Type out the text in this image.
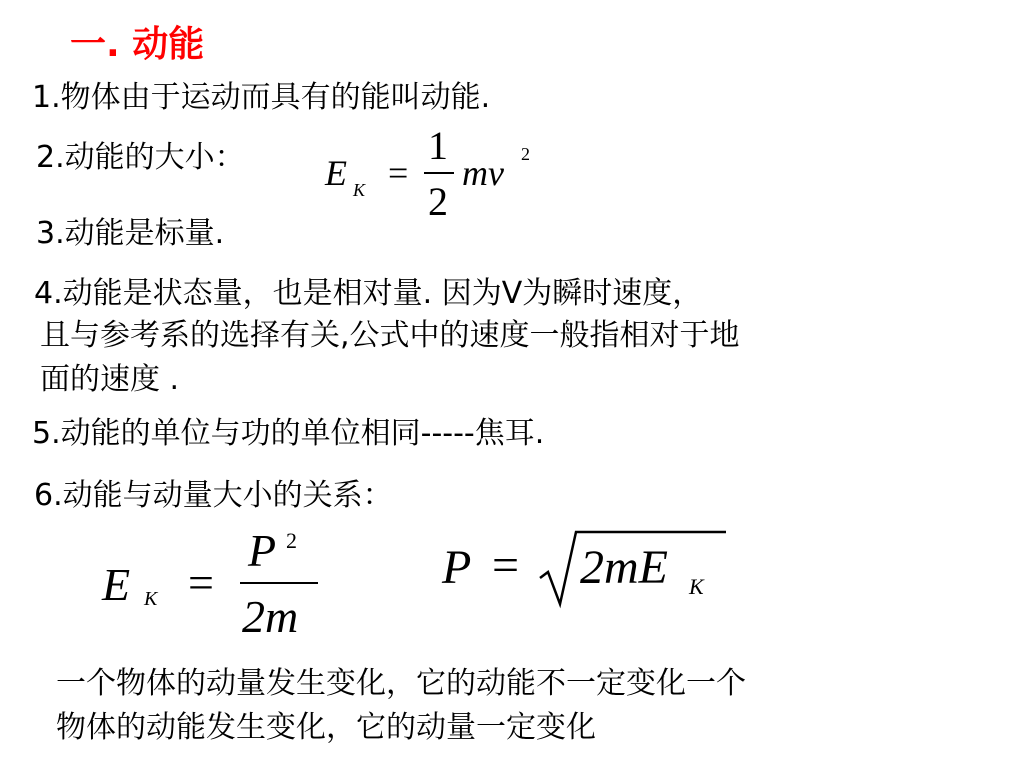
一. 动能
1.物体由于运动而具有的能叫动能.
2.动能的大小：
3.动能是标量.
4.动能是状态量，也是相对量. 因为V为瞬时速度，
且与参考系的选择有关,公式中的速度一般指相对于地
面的速度 .
5.动能的单位与功的单位相同-----焦耳.
6.动能与动量大小的关系：
E K =
1
2
mv 2
E K =
P 2
2m
P = 2mE K
一个物体的动量发生变化，它的动能不一定变化一个
物体的动能发生变化，它的动量一定变化
